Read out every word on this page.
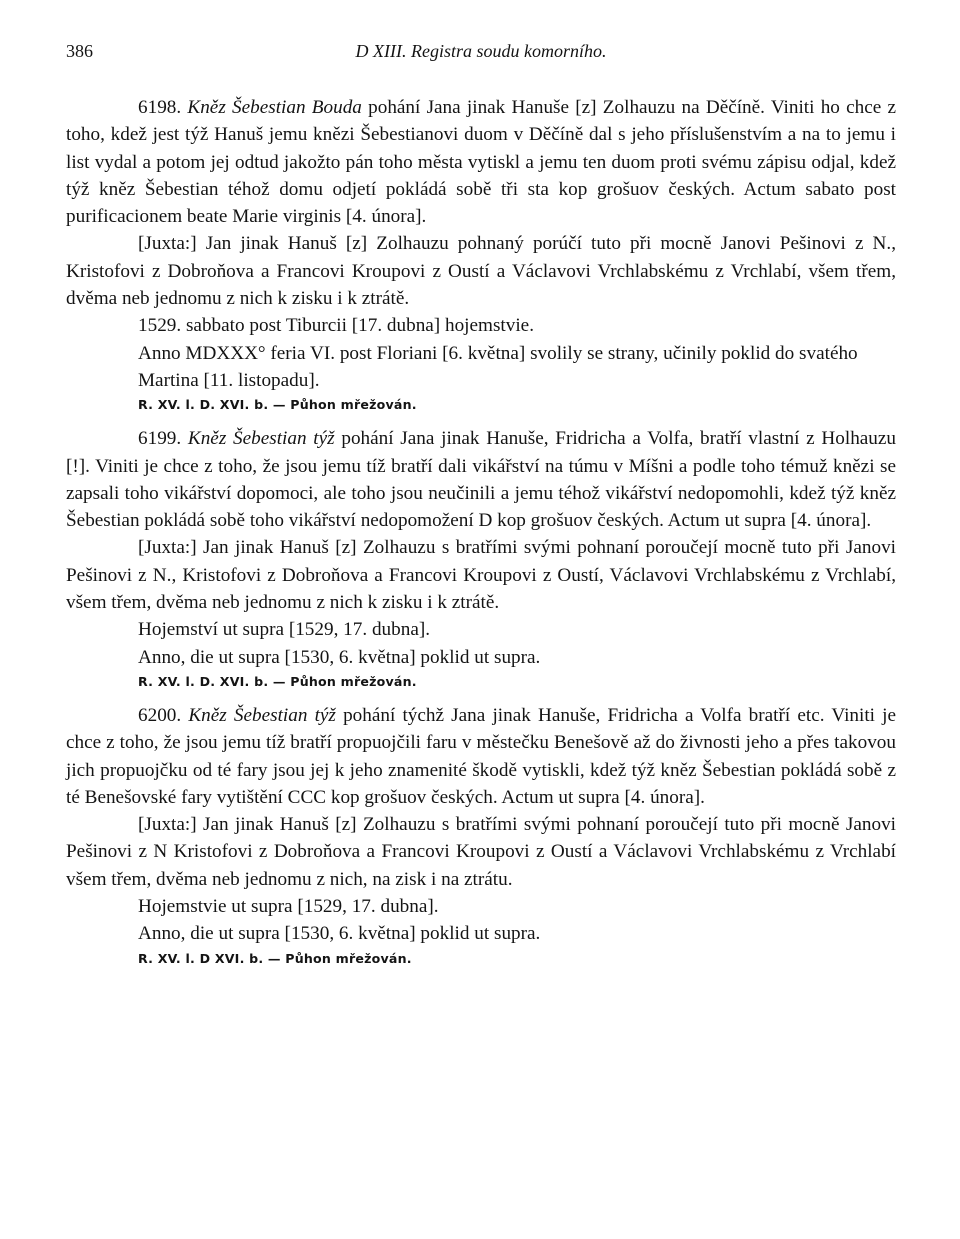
386	D XIII. Registra soudu komorního.

6198. Kněz Šebestian Bouda pohání Jana jinak Hanuše [z] Zolhauzu na Děčíně. Viniti ho chce z toho, kdež jest týž Hanuš jemu knězi Šebestianovi duom v Děčíně dal s jeho příslušenstvím a na to jemu i list vydal a potom jej odtud jakožto pán toho města vytiskl a jemu ten duom proti svému zápisu odjal, kdež týž kněz Šebestian téhož domu odjetí pokládá sobě tři sta kop grošuov českých. Actum sabato post purificacionem beate Marie virginis [4. února].

[Juxta:] Jan jinak Hanuš [z] Zolhauzu pohnaný porúčí tuto při mocně Janovi Pešinovi z N., Kristofovi z Dobroňova a Francovi Kroupovi z Oustí a Václavovi Vrchlabskému z Vrchlabí, všem třem, dvěma neb jednomu z nich k zisku i k ztrátě.

1529. sabbato post Tiburcii [17. dubna] hojemstvie.

Anno MDXXX° feria VI. post Floriani [6. května] svolily se strany, učinily poklid do svatého Martina [11. listopadu].

R. XV. l. D. XVI. b. — Půhon mřežován.

6199. Kněz Šebestian týž pohání Jana jinak Hanuše, Fridricha a Volfa, bratří vlastní z Holhauzu [!]. Viniti je chce z toho, že jsou jemu tíž bratří dali vikářství na túmu v Míšni a podle toho témuž knězi se zapsali toho vikářství dopomoci, ale toho jsou neučinili a jemu téhož vikářství nedopomohli, kdež týž kněz Šebestian pokládá sobě toho vikářství nedopomožení D kop grošuov českých. Actum ut supra [4. února].

[Juxta:] Jan jinak Hanuš [z] Zolhauzu s bratřími svými pohnaní poroučejí mocně tuto při Janovi Pešinovi z N., Kristofovi z Dobroňova a Francovi Kroupovi z Oustí, Václavovi Vrchlabskému z Vrchlabí, všem třem, dvěma neb jednomu z nich k zisku i k ztrátě.

Hojemství ut supra [1529, 17. dubna].

Anno, die ut supra [1530, 6. května] poklid ut supra.

R. XV. l. D. XVI. b. — Půhon mřežován.

6200. Kněz Šebestian týž pohání týchž Jana jinak Hanuše, Fridricha a Volfa bratří etc. Viniti je chce z toho, že jsou jemu tíž bratří propuojčili faru v městečku Benešově až do živnosti jeho a přes takovou jich propuojčku od té fary jsou jej k jeho znamenité škodě vytiskli, kdež týž kněz Šebestian pokládá sobě z té Benešovské fary vytištění CCC kop grošuov českých. Actum ut supra [4. února].

[Juxta:] Jan jinak Hanuš [z] Zolhauzu s bratřími svými pohnaní poroučejí tuto při mocně Janovi Pešinovi z N Kristofovi z Dobroňova a Francovi Kroupovi z Oustí a Václavovi Vrchlabskému z Vrchlabí všem třem, dvěma neb jednomu z nich, na zisk i na ztrátu.

Hojemstvie ut supra [1529, 17. dubna].

Anno, die ut supra [1530, 6. května] poklid ut supra.

R. XV. l. D XVI. b. — Půhon mřežován.
